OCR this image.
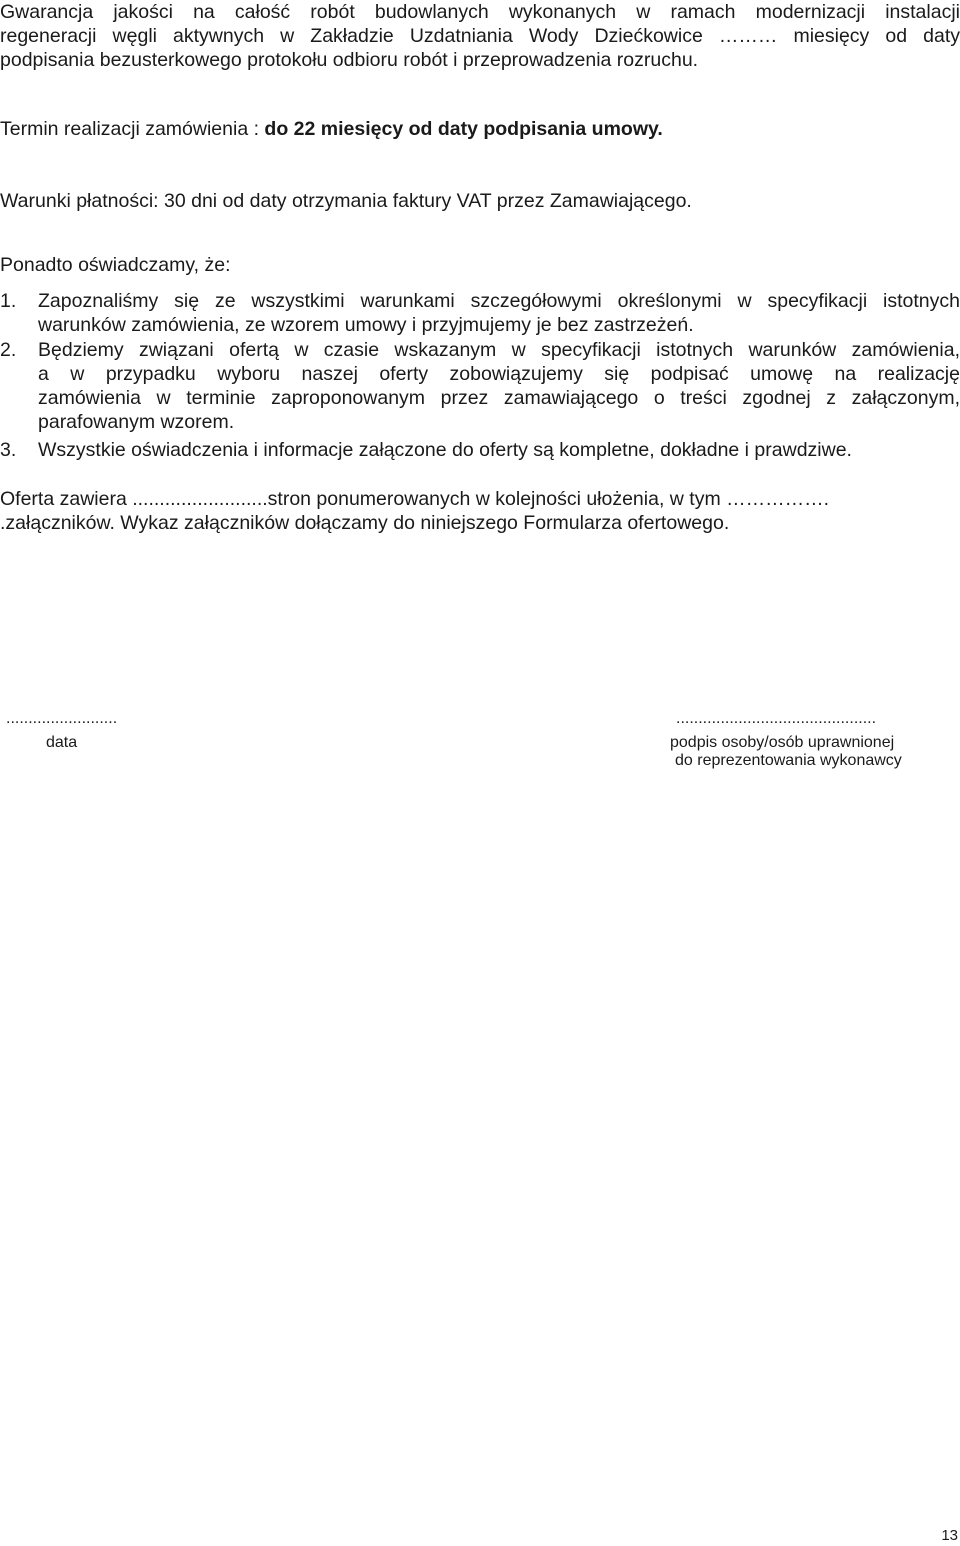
Gwarancja jakości na całość robót budowlanych wykonanych w ramach modernizacji instalacji
regeneracji węgli aktywnych w Zakładzie Uzdatniania Wody Dziećkowice ……… miesięcy od daty
podpisania bezusterkowego protokołu odbioru robót i przeprowadzenia rozruchu.
Termin realizacji zamówienia : do 22 miesięcy od daty podpisania umowy.
Warunki płatności: 30 dni od daty otrzymania faktury VAT przez Zamawiającego.
Ponadto oświadczamy, że:
1. Zapoznaliśmy się ze wszystkimi warunkami szczegółowymi określonymi w specyfikacji istotnych
warunków zamówienia, ze wzorem umowy i przyjmujemy je bez zastrzeżeń.
2. Będziemy związani ofertą w czasie wskazanym w specyfikacji istotnych warunków zamówienia,
a w przypadku wyboru naszej oferty zobowiązujemy się podpisać umowę na realizację
zamówienia w terminie zaproponowanym przez zamawiającego o treści zgodnej z załączonym,
parafowanym wzorem.
3. Wszystkie oświadczenia i informacje załączone do oferty są kompletne, dokładne i prawdziwe.
Oferta zawiera .........................stron ponumerowanych w kolejności ułożenia, w tym …………….
.załączników. Wykaz załączników dołączamy do niniejszego Formularza ofertowego.
.........................
data
.............................................
podpis osoby/osób uprawnionej
do reprezentowania wykonawcy
13
